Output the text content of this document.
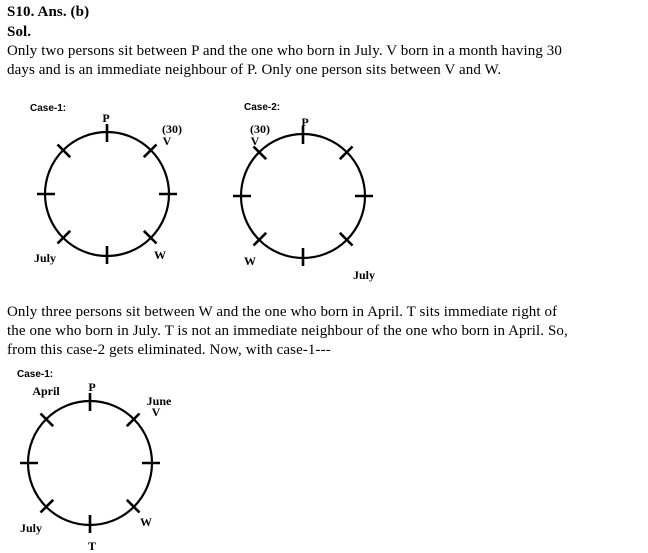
S10. Ans. (b)
Sol.
Only two persons sit between P and the one who born in July. V born in a month having 30
days and is an immediate neighbour of P. Only one person sits between V and W.
Case-1:
P
(30)
V
W
July
Case-2:
(30)
V
P
W
July
Only three persons sit between W and the one who born in April. T sits immediate right of
the one who born in July. T is not an immediate neighbour of the one who born in April. So,
from this case-2 gets eliminated. Now, with case-1---
Case-1:
April P
June
V
W
July
T
